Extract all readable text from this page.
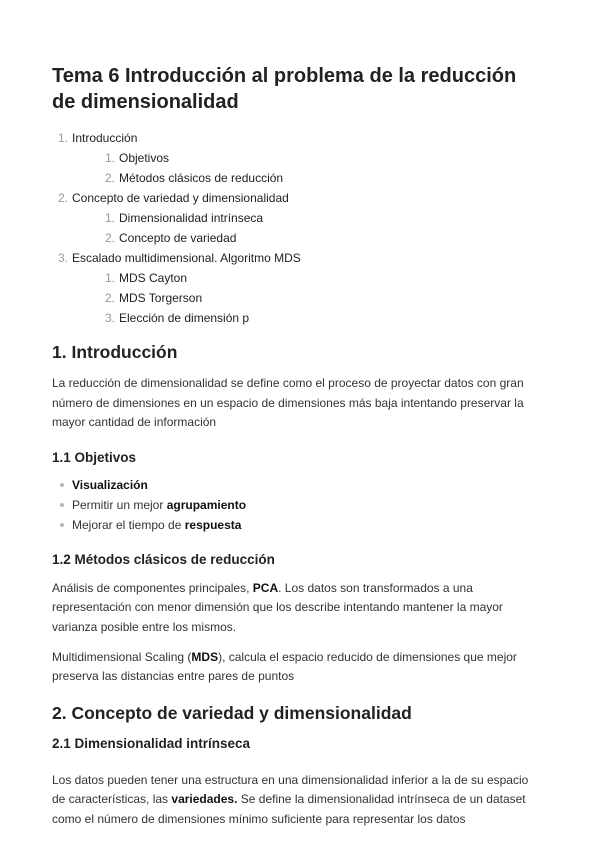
Tema 6 Introducción al problema de la reducción de dimensionalidad
1. Introducción
1. Objetivos
2. Métodos clásicos de reducción
2. Concepto de variedad y dimensionalidad
1. Dimensionalidad intrínseca
2. Concepto de variedad
3. Escalado multidimensional. Algoritmo MDS
1. MDS Cayton
2. MDS Torgerson
3. Elección de dimensión p
1. Introducción

La reducción de dimensionalidad se define como el proceso de proyectar datos con gran número de dimensiones en un espacio de dimensiones más baja intentando preservar la mayor cantidad de información

1.1 Objetivos
Visualización
Permitir un mejor agrupamiento
Mejorar el tiempo de respuesta
1.2 Métodos clásicos de reducción

Análisis de componentes principales, PCA. Los datos son transformados a una representación con menor dimensión que los describe intentando mantener la mayor varianza posible entre los mismos.

Multidimensional Scaling (MDS), calcula el espacio reducido de dimensiones que mejor preserva las distancias entre pares de puntos

2. Concepto de variedad y dimensionalidad
2.1 Dimensionalidad intrínseca

Los datos pueden tener una estructura en una dimensionalidad inferior a la de su espacio de características, las variedades. Se define la dimensionalidad intrínseca de un dataset como el número de dimensiones mínimo suficiente para representar los datos
